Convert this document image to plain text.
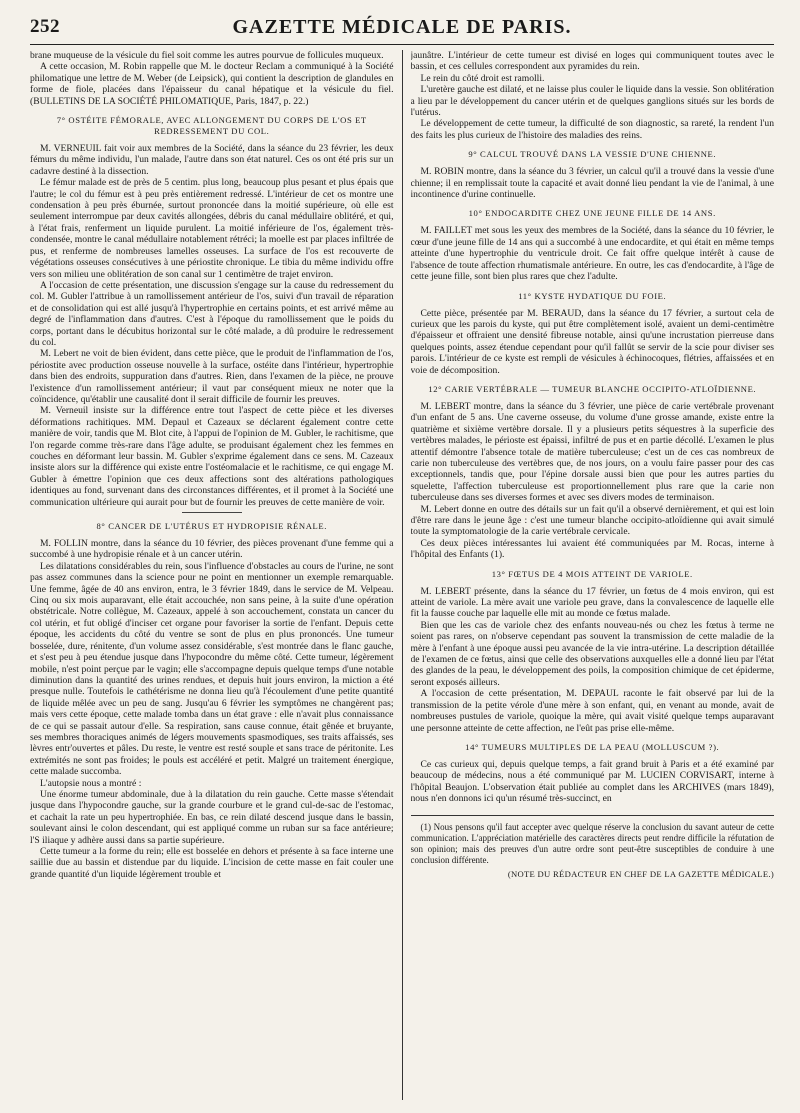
252	GAZETTE MÉDICALE DE PARIS.

brane muqueuse de la vésicule du fiel soit comme les autres pourvue de follicules muqueux.

A cette occasion, M. Robin rappelle que M. le docteur Reclam a communiqué à la Société philomatique une lettre de M. Weber (de Leipsick), qui contient la description de glandules en forme de fiole, placées dans l'épaisseur du canal hépatique et la vésicule du fiel. (BULLETINS DE LA SOCIÉTÉ PHILOMATIQUE, Paris, 1847, p. 22.)

7° OSTÉITE FÉMORALE, AVEC ALLONGEMENT DU CORPS DE L'OS ET REDRESSEMENT DU COL.

M. VERNEUIL fait voir aux membres de la Société, dans la séance du 23 février, les deux fémurs du même individu, l'un malade, l'autre dans son état naturel. Ces os ont été pris sur un cadavre destiné à la dissection.

Le fémur malade est de près de 5 centim. plus long, beaucoup plus pesant et plus épais que l'autre; le col du fémur est à peu près entièrement redressé. L'intérieur de cet os montre une condensation à peu près éburnée, surtout prononcée dans la moitié supérieure, où elle est seulement interrompue par deux cavités allongées, débris du canal médullaire oblitéré, et qui, à l'état frais, renferment un liquide purulent. La moitié inférieure de l'os, également très-condensée, montre le canal médullaire notablement rétréci; la moelle est par places infiltrée de pus, et renferme de nombreuses lamelles osseuses. La surface de l'os est recouverte de végétations osseuses consécutives à une périostite chronique. Le tibia du même individu offre vers son milieu une oblitération de son canal sur 1 centimètre de trajet environ.

A l'occasion de cette présentation, une discussion s'engage sur la cause du redressement du col. M. Gubler l'attribue à un ramollissement antérieur de l'os, suivi d'un travail de réparation et de consolidation qui est allé jusqu'à l'hypertrophie en certains points, et est arrivé même au degré de l'inflammation dans d'autres. C'est à l'époque du ramollissement que le poids du corps, portant dans le décubitus horizontal sur le côté malade, a dû produire le redressement du col.

M. Lebert ne voit de bien évident, dans cette pièce, que le produit de l'inflammation de l'os, périostite avec production osseuse nouvelle à la surface, ostéite dans l'intérieur, hypertrophie dans bien des endroits, suppuration dans d'autres. Rien, dans l'examen de la pièce, ne prouve l'existence d'un ramollissement antérieur; il vaut par conséquent mieux ne noter que la coïncidence, qu'établir une causalité dont il serait difficile de fournir les preuves.

M. Verneuil insiste sur la différence entre tout l'aspect de cette pièce et les diverses déformations rachitiques. MM. Depaul et Cazeaux se déclarent également contre cette manière de voir, tandis que M. Blot cite, à l'appui de l'opinion de M. Gubler, le rachitisme, que l'on regarde comme très-rare dans l'âge adulte, se produisant également chez les femmes en couches en déformant leur bassin. M. Gubler s'exprime également dans ce sens. M. Cazeaux insiste alors sur la différence qui existe entre l'ostéomalacie et le rachitisme, ce qui engage M. Gubler à émettre l'opinion que ces deux affections sont des altérations pathologiques identiques au fond, survenant dans des circonstances différentes, et il promet à la Société une communication ultérieure qui aurait pour but de fournir les preuves de cette manière de voir.

8° CANCER DE L'UTÉRUS ET HYDROPISIE RÉNALE.

M. FOLLIN montre, dans la séance du 10 février, des pièces provenant d'une femme qui a succombé à une hydropisie rénale et à un cancer utérin.

Les dilatations considérables du rein, sous l'influence d'obstacles au cours de l'urine, ne sont pas assez communes dans la science pour ne point en mentionner un exemple remarquable. Une femme, âgée de 40 ans environ, entra, le 3 février 1849, dans le service de M. Velpeau. Cinq ou six mois auparavant, elle était accouchée, non sans peine, à la suite d'une opération obstétricale. Notre collègue, M. Cazeaux, appelé à son accouchement, constata un cancer du col utérin, et fut obligé d'inciser cet organe pour favoriser la sortie de l'enfant. Depuis cette époque, les accidents du côté du ventre se sont de plus en plus prononcés. Une tumeur bosselée, dure, rénitente, d'un volume assez considérable, s'est montrée dans le flanc gauche, et s'est peu à peu étendue jusque dans l'hypocondre du même côté. Cette tumeur, légèrement mobile, n'est point perçue par le vagin; elle s'accompagne depuis quelque temps d'une notable diminution dans la quantité des urines rendues, et depuis huit jours environ, la miction a été presque nulle. Toutefois le cathétérisme ne donna lieu qu'à l'écoulement d'une petite quantité de liquide mêlée avec un peu de sang. Jusqu'au 6 février les symptômes ne changèrent pas; mais vers cette époque, cette malade tomba dans un état grave : elle n'avait plus connaissance de ce qui se passait autour d'elle. Sa respiration, sans cause connue, était gênée et bruyante, ses membres thoraciques animés de légers mouvements spasmodiques, ses traits affaissés, ses lèvres entr'ouvertes et pâles. Du reste, le ventre est resté souple et sans trace de péritonite. Les extrémités ne sont pas froides; le pouls est accéléré et petit. Malgré un traitement énergique, cette malade succomba.

L'autopsie nous a montré :

Une énorme tumeur abdominale, due à la dilatation du rein gauche. Cette masse s'étendait jusque dans l'hypocondre gauche, sur la grande courbure et le grand cul-de-sac de l'estomac, et cachait la rate un peu hypertrophiée. En bas, ce rein dilaté descend jusque dans le bassin, soulevant ainsi le colon descendant, qui est appliqué comme un ruban sur sa face antérieure; l'S iliaque y adhère aussi dans sa partie supérieure.

Cette tumeur a la forme du rein; elle est bosselée en dehors et présente à sa face interne une saillie due au bassin et distendue par du liquide. L'incision de cette masse en fait couler une grande quantité d'un liquide légèrement trouble et

jaunâtre. L'intérieur de cette tumeur est divisé en loges qui communiquent toutes avec le bassin, et ces cellules correspondent aux pyramides du rein.

Le rein du côté droit est ramolli.

L'uretère gauche est dilaté, et ne laisse plus couler le liquide dans la vessie. Son oblitération a lieu par le développement du cancer utérin et de quelques ganglions situés sur les bords de l'utérus.

Le développement de cette tumeur, la difficulté de son diagnostic, sa rareté, la rendent l'un des faits les plus curieux de l'histoire des maladies des reins.

9° CALCUL TROUVÉ DANS LA VESSIE D'UNE CHIENNE.

M. ROBIN montre, dans la séance du 3 février, un calcul qu'il a trouvé dans la vessie d'une chienne; il en remplissait toute la capacité et avait donné lieu pendant la vie de l'animal, à une incontinence d'urine continuelle.

10° ENDOCARDITE CHEZ UNE JEUNE FILLE DE 14 ANS.

M. FAILLET met sous les yeux des membres de la Société, dans la séance du 10 février, le cœur d'une jeune fille de 14 ans qui a succombé à une endocardite, et qui était en même temps atteinte d'une hypertrophie du ventricule droit. Ce fait offre quelque intérêt à cause de l'absence de toute affection rhumatismale antérieure. En outre, les cas d'endocardite, à l'âge de cette jeune fille, sont bien plus rares que chez l'adulte.

11° KYSTE HYDATIQUE DU FOIE.

Cette pièce, présentée par M. BERAUD, dans la séance du 17 février, a surtout cela de curieux que les parois du kyste, qui put être complètement isolé, avaient un demi-centimètre d'épaisseur et offraient une densité fibreuse notable, ainsi qu'une incrustation pierreuse dans quelques points, assez étendue cependant pour qu'il fallût se servir de la scie pour diviser ses parois. L'intérieur de ce kyste est rempli de vésicules à échinocoques, flétries, affaissées et en voie de décomposition.

12° CARIE VERTÉBRALE — TUMEUR BLANCHE OCCIPITO-ATLOÏDIENNE.

M. LEBERT montre, dans la séance du 3 février, une pièce de carie vertébrale provenant d'un enfant de 5 ans. Une caverne osseuse, du volume d'une grosse amande, existe entre la quatrième et sixième vertèbre dorsale. Il y a plusieurs petits séquestres à la superficie des vertèbres malades, le périoste est épaissi, infiltré de pus et en partie décollé. L'examen le plus attentif démontre l'absence totale de matière tuberculeuse; c'est un de ces cas nombreux de carie non tuberculeuse des vertèbres que, de nos jours, on a voulu faire passer pour des cas exceptionnels, tandis que, pour l'épine dorsale aussi bien que pour les autres parties du squelette, l'affection tuberculeuse est proportionnellement plus rare que la carie non tuberculeuse dans ses diverses formes et avec ses divers modes de terminaison.

M. Lebert donne en outre des détails sur un fait qu'il a observé dernièrement, et qui est loin d'être rare dans le jeune âge : c'est une tumeur blanche occipito-atloïdienne qui avait simulé toute la symptomatologie de la carie vertébrale cervicale.

Ces deux pièces intéressantes lui avaient été communiquées par M. Rocas, interne à l'hôpital des Enfants (1).

13° FŒTUS DE 4 MOIS ATTEINT DE VARIOLE.

M. LEBERT présente, dans la séance du 17 février, un fœtus de 4 mois environ, qui est atteint de variole. La mère avait une variole peu grave, dans la convalescence de laquelle elle fit la fausse couche par laquelle elle mit au monde ce fœtus malade.

Bien que les cas de variole chez des enfants nouveau-nés ou chez les fœtus à terme ne soient pas rares, on n'observe cependant pas souvent la transmission de cette maladie de la mère à l'enfant à une époque aussi peu avancée de la vie intra-utérine. La description détaillée de l'examen de ce fœtus, ainsi que celle des observations auxquelles elle a donné lieu par l'état des glandes de la peau, le développement des poils, la composition chimique de cet épiderme, seront exposés ailleurs.

A l'occasion de cette présentation, M. DEPAUL raconte le fait observé par lui de la transmission de la petite vérole d'une mère à son enfant, qui, en venant au monde, avait de nombreuses pustules de variole, quoique la mère, qui avait visité quelque temps auparavant une personne atteinte de cette affection, ne l'eût pas prise elle-même.

14° TUMEURS MULTIPLES DE LA PEAU (MOLLUSCUM ?).

Ce cas curieux qui, depuis quelque temps, a fait grand bruit à Paris et a été examiné par beaucoup de médecins, nous a été communiqué par M. LUCIEN CORVISART, interne à l'hôpital Beaujon. L'observation était publiée au complet dans les ARCHIVES (mars 1849), nous n'en donnons ici qu'un résumé très-succinct, en

(1) Nous pensons qu'il faut accepter avec quelque réserve la conclusion du savant auteur de cette communication. L'appréciation matérielle des caractères directs peut rendre difficile la réfutation de son opinion; mais des preuves d'un autre ordre sont peut-être susceptibles de conduire à une conclusion différente.

(NOTE DU RÉDACTEUR EN CHEF DE LA GAZETTE MÉDICALE.)
